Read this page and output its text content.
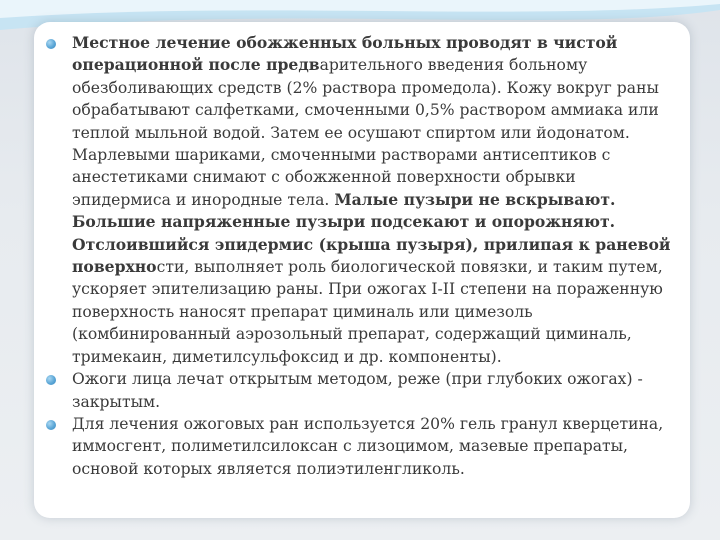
Местное лечение обожженных больных проводят в чистой операционной после предварительного введения больному обезболивающих средств (2% раствора промедола). Кожу вокруг раны обрабатывают салфетками, смоченными 0,5% раствором аммиака или теплой мыльной водой. Затем ее осушают спиртом или йодонатом. Марлевыми шариками, смоченными растворами антисептиков с анестетиками снимают с обожженной поверхности обрывки эпидермиса и инородные тела. Малые пузыри не вскрывают. Большие напряженные пузыри подсекают и опорожняют. Отслоившийся эпидермис (крыша пузыря), прилипая к раневой поверхности, выполняет роль биологической повязки, и таким путем, ускоряет эпителизацию раны. При ожогах I-II степени на пораженную поверхность наносят препарат циминаль или цимезоль (комбинированный аэрозольный препарат, содержащий циминаль, тримекаин, диметилсульфоксид и др. компоненты).
Ожоги лица лечат открытым методом, реже (при глубоких ожогах) - закрытым.
Для лечения ожоговых ран используется 20% гель гранул кверцетина, иммосгент, полиметилсилоксан с лизоцимом, мазевые препараты, основой которых является полиэтиленгликоль.
